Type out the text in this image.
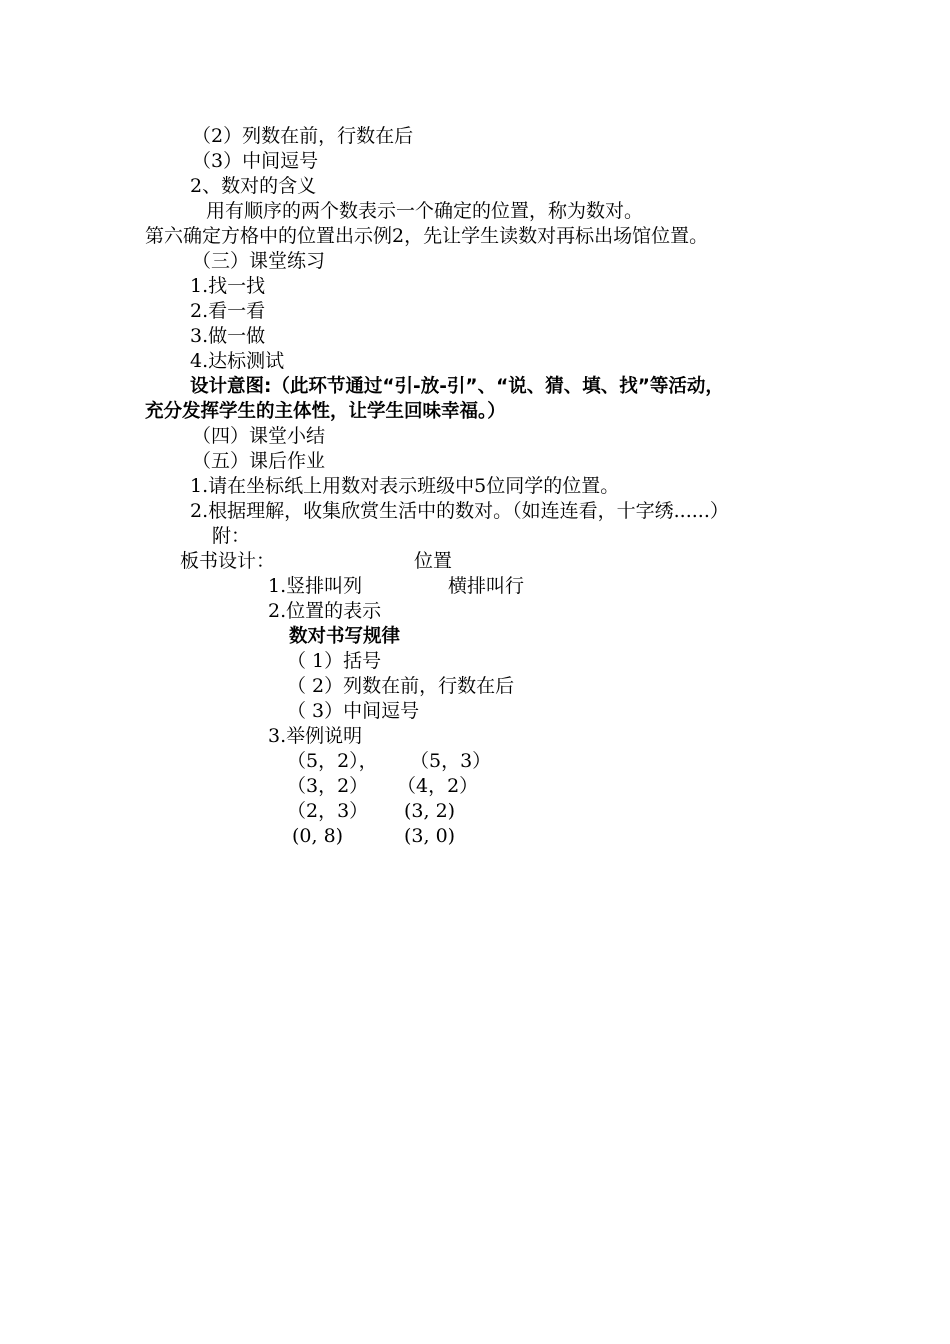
（2）列数在前，行数在后
（3）中间逗号
2、数对的含义
用有顺序的两个数表示一个确定的位置，称为数对。
第六确定方格中的位置出示例2，先让学生读数对再标出场馆位置。
（三）课堂练习
1.找一找
2.看一看
3.做一做
4.达标测试
设计意图:（此环节通过“引-放-引”、“说、猜、填、找”等活动，
充分发挥学生的主体性，让学生回味幸福。）
（四）课堂小结
（五）课后作业
1.请在坐标纸上用数对表示班级中5位同学的位置。
2.根据理解，收集欣赏生活中的数对。（如连连看，十字绣......）
附：
板书设计：	位置
1.竖排叫列	横排叫行
2.位置的表示
数对书写规律
（ 1）括号
（ 2）列数在前，行数在后
（ 3）中间逗号
3.举例说明
（5，2）， （5，3）
（3，2） （4，2）
（2，3） (3, 2)
(0, 8)	(3, 0)
